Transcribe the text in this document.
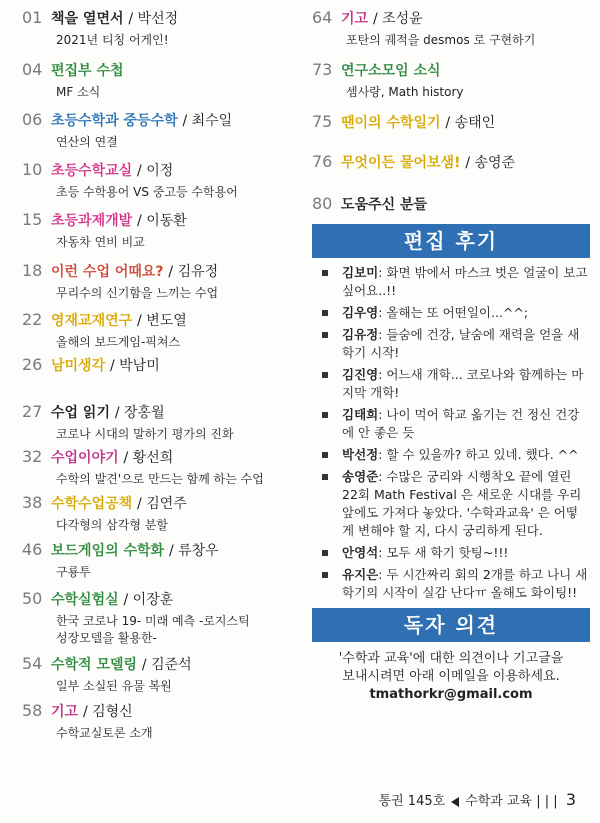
01 책을 열면서 / 박선정
2021년 티칭 어게인!
04 편집부 수첩
MF 소식
06 초등수학과 중등수학 / 최수일
연산의 연결
10 초등수학교실 / 이정
초등 수학용어 VS 중고등 수학용어
15 초등과제개발 / 이동환
자동차 연비 비교
18 이런 수업 어때요? / 김유정
무리수의 신기함을 느끼는 수업
22 영재교재연구 / 변도열
올해의 보드게임-픽쳐스
26 남미생각 / 박남미
27 수업 읽기 / 장홍월
코로나 시대의 말하기 평가의 진화
32 수업이야기 / 황선희
수학의 발견'으로 만드는 함께 하는 수업
38 수학수업공책 / 김연주
다각형의 삼각형 분할
46 보드게임의 수학화 / 류창우
구룡투
50 수학실험실 / 이장훈
한국 코로나 19- 미래 예측 -로지스틱
성장모델을 활용한-
54 수학적 모델링 / 김준석
일부 소실된 유물 복원
58 기고 / 김형신
수학교실토론 소개
64 기고 / 조성윤
포탄의 궤적을 desmos 로 구현하기
73 연구소모임 소식
셈사랑, Math history
75 땐이의 수학일기 / 송태인
76 무엇이든 물어보샘! / 송영준
80 도움주신 분들
편집 후기
김보미: 화면 밖에서 마스크 벗은 얼굴이 보고 싶어요..!!
김우영: 올해는 또 어떤일이...^^;
김유정: 들숨에 건강, 날숨에 재력을 얻을 새 학기 시작!
김진영: 어느새 개학... 코로나와 함께하는 마지막 개학!
김태희: 나이 먹어 학교 옮기는 건 정신 건강에 안 좋은 듯
박선정: 할 수 있을까? 하고 있네. 했다. ^^
송영준: 수많은 궁리와 시행착오 끝에 열린 22회 Math Festival 은 새로운 시대를 우리 앞에도 가져다 놓았다. '수학과교육' 은 어떻게 변해야 할 지, 다시 궁리하게 된다.
안영석: 모두 새 학기 핫팅~!!!
유지은: 두 시간짜리 회의 2개를 하고 나니 새 학기의 시작이 실감 난다ㅠ 올해도 화이팅!!
독자 의견
'수학과 교육'에 대한 의견이나 기고글을
보내시려면 아래 이메일을 이용하세요.
tmathorkr@gmail.com
통권 145호 수학과 교육 | | | 3
